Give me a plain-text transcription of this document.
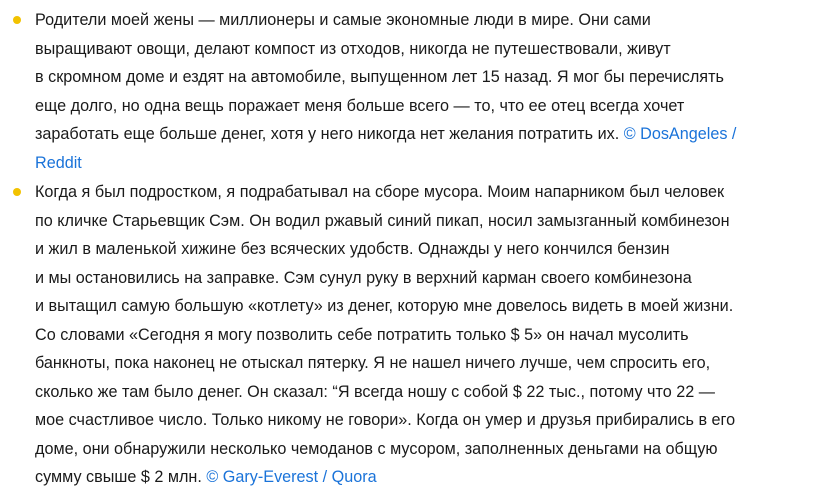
Родители моей жены — миллионеры и самые экономные люди в мире. Они сами
выращивают овощи, делают компост из отходов, никогда не путешествовали, живут
в скромном доме и ездят на автомобиле, выпущенном лет 15 назад. Я мог бы перечислять
еще долго, но одна вещь поражает меня больше всего — то, что ее отец всегда хочет
заработать еще больше денег, хотя у него никогда нет желания потратить их. © DosAngeles /
Reddit
Когда я был подростком, я подрабатывал на сборе мусора. Моим напарником был человек
по кличке Старьевщик Сэм. Он водил ржавый синий пикап, носил замызганный комбинезон
и жил в маленькой хижине без всяческих удобств. Однажды у него кончился бензин
и мы остановились на заправке. Сэм сунул руку в верхний карман своего комбинезона
и вытащил самую большую «котлету» из денег, которую мне довелось видеть в моей жизни.
Со словами «Сегодня я могу позволить себе потратить только $ 5» он начал мусолить
банкноты, пока наконец не отыскал пятерку. Я не нашел ничего лучше, чем спросить его,
сколько же там было денег. Он сказал: “Я всегда ношу с собой $ 22 тыс., потому что 22 —
мое счастливое число. Только никому не говори». Когда он умер и друзья прибирались в его
доме, они обнаружили несколько чемоданов с мусором, заполненных деньгами на общую
сумму свыше $ 2 млн. © Gary-Everest / Quora
